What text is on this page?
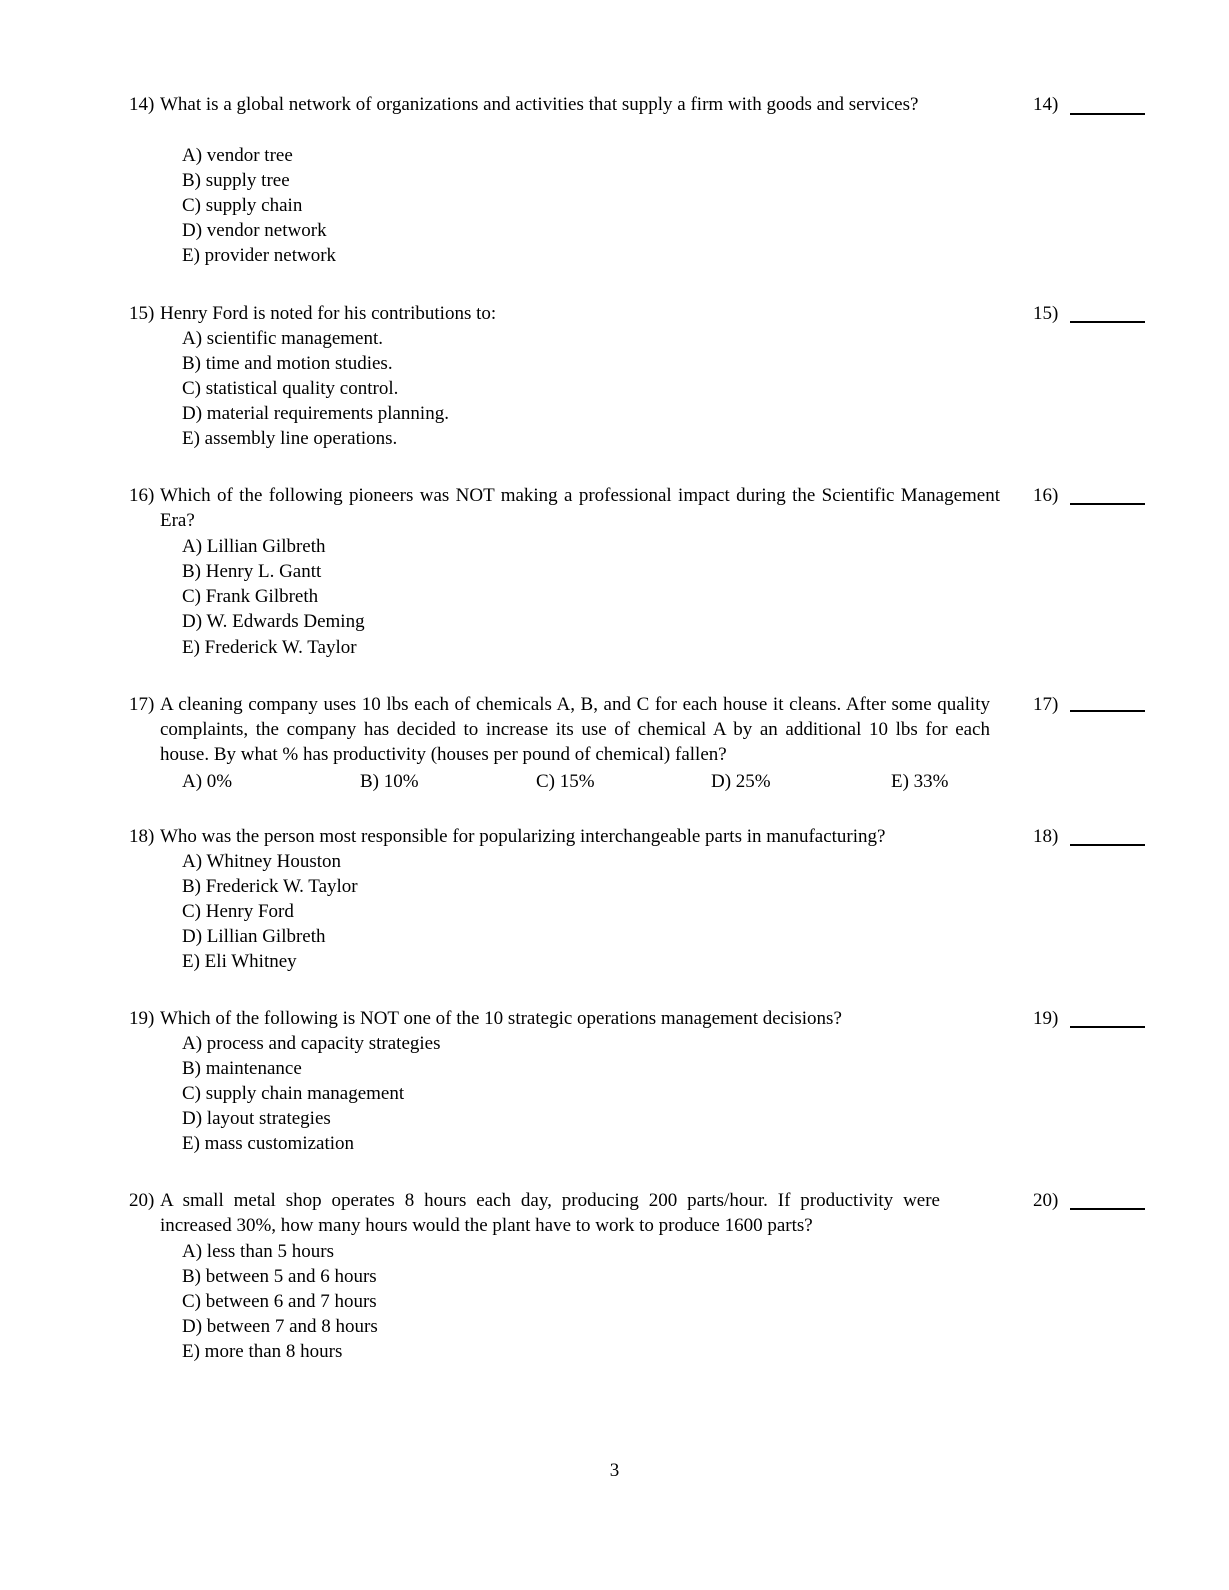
14) What is a global network of organizations and activities that supply a firm with goods and services?	14)
A) vendor tree
B) supply tree
C) supply chain
D) vendor network
E) provider network
15) Henry Ford is noted for his contributions to:	15)
A) scientific management.
B) time and motion studies.
C) statistical quality control.
D) material requirements planning.
E) assembly line operations.
16) Which of the following pioneers was NOT making a professional impact during the Scientific Management Era?
16)
A) Lillian Gilbreth
B) Henry L. Gantt
C) Frank Gilbreth
D) W. Edwards Deming
E) Frederick W. Taylor
17) A cleaning company uses 10 lbs each of chemicals A, B, and C for each house it cleans. After some quality complaints, the company has decided to increase its use of chemical A by an additional 10 lbs for each house. By what % has productivity (houses per pound of chemical) fallen?
17)
A) 0%	B) 10%	C) 15%	D) 25%	E) 33%
18) Who was the person most responsible for popularizing interchangeable parts in manufacturing?	18)
A) Whitney Houston
B) Frederick W. Taylor
C) Henry Ford
D) Lillian Gilbreth
E) Eli Whitney
19) Which of the following is NOT one of the 10 strategic operations management decisions?	19)
A) process and capacity strategies
B) maintenance
C) supply chain management
D) layout strategies
E) mass customization
20) A small metal shop operates 8 hours each day, producing 200 parts/hour. If productivity were increased 30%, how many hours would the plant have to work to produce 1600 parts?
20)
A) less than 5 hours
B) between 5 and 6 hours
C) between 6 and 7 hours
D) between 7 and 8 hours
E) more than 8 hours
3
